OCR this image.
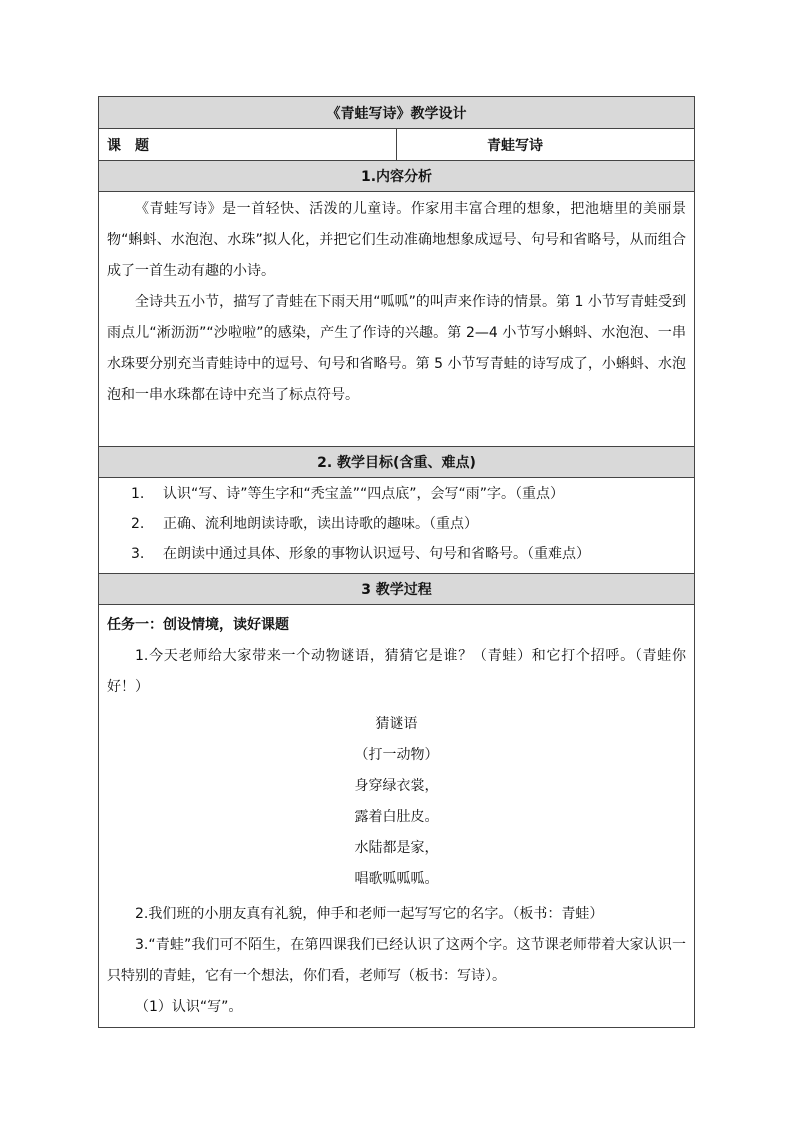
《青蛙写诗》教学设计
课　题	青蛙写诗
1.内容分析

《青蛙写诗》是一首轻快、活泼的儿童诗。作家用丰富合理的想象，把池塘里的美丽景物“蝌蚪、水泡泡、水珠”拟人化，并把它们生动准确地想象成逗号、句号和省略号，从而组合成了一首生动有趣的小诗。

全诗共五小节，描写了青蛙在下雨天用“呱呱”的叫声来作诗的情景。第 1 小节写青蛙受到雨点儿“淅沥沥”“沙啦啦”的感染，产生了作诗的兴趣。第 2—4 小节写小蝌蚪、水泡泡、一串水珠要分别充当青蛙诗中的逗号、句号和省略号。第 5 小节写青蛙的诗写成了，小蝌蚪、水泡泡和一串水珠都在诗中充当了标点符号。

2. 教学目标(含重、难点)

1. 认识“写、诗”等生字和“秃宝盖”“四点底”，会写“雨”字。（重点）

2. 正确、流利地朗读诗歌，读出诗歌的趣味。（重点）

3. 在朗读中通过具体、形象的事物认识逗号、句号和省略号。（重难点）

3 教学过程

任务一：创设情境，读好课题

1.今天老师给大家带来一个动物谜语，猜猜它是谁？（青蛙）和它打个招呼。（青蛙你好！）

猜谜语

（打一动物）

身穿绿衣裳，

露着白肚皮。

水陆都是家，

唱歌呱呱呱。

2.我们班的小朋友真有礼貌，伸手和老师一起写写它的名字。（板书：青蛙）

3.“青蛙”我们可不陌生，在第四课我们已经认识了这两个字。这节课老师带着大家认识一只特别的青蛙，它有一个想法，你们看，老师写（板书：写诗）。

（1）认识“写”。
